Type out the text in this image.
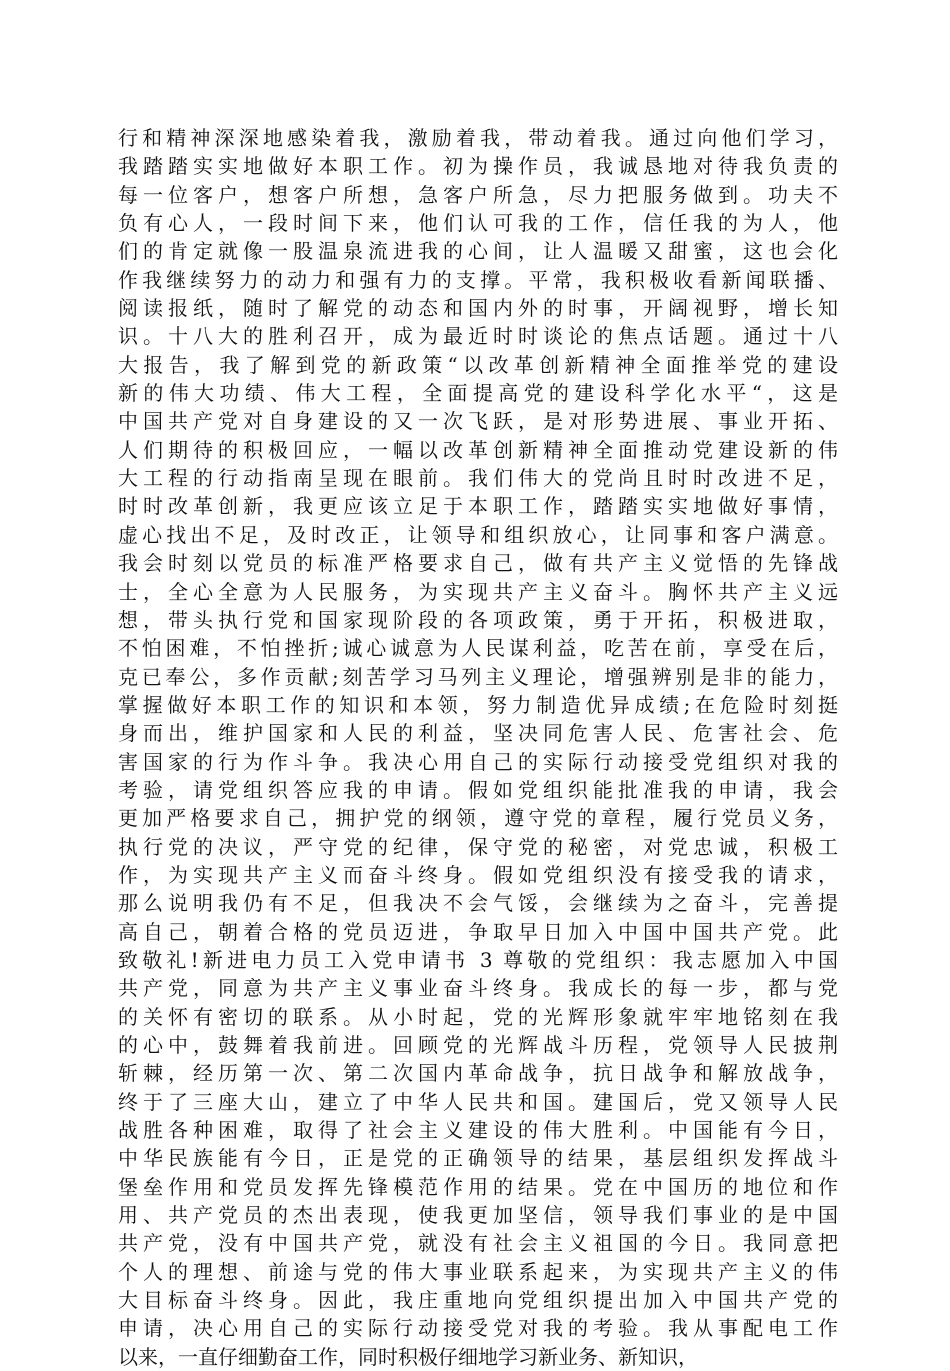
行和精神深深地感染着我，激励着我，带动着我。通过向他们学习，
我踏踏实实地做好本职工作。初为操作员，我诚恳地对待我负责的
每一位客户，想客户所想，急客户所急，尽力把服务做到。功夫不
负有心人，一段时间下来，他们认可我的工作，信任我的为人，他
们的肯定就像一股温泉流进我的心间，让人温暖又甜蜜，这也会化
作我继续努力的动力和强有力的支撑。平常，我积极收看新闻联播、
阅读报纸，随时了解党的动态和国内外的时事，开阔视野，增长知
识。十八大的胜利召开，成为最近时时谈论的焦点话题。通过十八
大报告，我了解到党的新政策“以改革创新精神全面推举党的建设
新的伟大功绩、伟大工程，全面提高党的建设科学化水平“，这是
中国共产党对自身建设的又一次飞跃，是对形势进展、事业开拓、
人们期待的积极回应，一幅以改革创新精神全面推动党建设新的伟
大工程的行动指南呈现在眼前。我们伟大的党尚且时时改进不足，
时时改革创新，我更应该立足于本职工作，踏踏实实地做好事情，
虚心找出不足，及时改正，让领导和组织放心，让同事和客户满意。
我会时刻以党员的标准严格要求自己，做有共产主义觉悟的先锋战
士，全心全意为人民服务，为实现共产主义奋斗。胸怀共产主义远
想，带头执行党和国家现阶段的各项政策，勇于开拓，积极进取，
不怕困难，不怕挫折;诚心诚意为人民谋利益，吃苦在前，享受在后，
克已奉公，多作贡献;刻苦学习马列主义理论，增强辨别是非的能力，
掌握做好本职工作的知识和本领，努力制造优异成绩;在危险时刻挺
身而出，维护国家和人民的利益，坚决同危害人民、危害社会、危
害国家的行为作斗争。我决心用自己的实际行动接受党组织对我的
考验，请党组织答应我的申请。假如党组织能批准我的申请，我会
更加严格要求自己，拥护党的纲领，遵守党的章程，履行党员义务，
执行党的决议，严守党的纪律，保守党的秘密，对党忠诚，积极工
作，为实现共产主义而奋斗终身。假如党组织没有接受我的请求，
那么说明我仍有不足，但我决不会气馁，会继续为之奋斗，完善提
高自己，朝着合格的党员迈进，争取早日加入中国中国共产党。此
致敬礼!新进电力员工入党申请书 3 尊敬的党组织：我志愿加入中国
共产党，同意为共产主义事业奋斗终身。我成长的每一步，都与党
的关怀有密切的联系。从小时起，党的光辉形象就牢牢地铭刻在我
的心中，鼓舞着我前进。回顾党的光辉战斗历程，党领导人民披荆
斩棘，经历第一次、第二次国内革命战争，抗日战争和解放战争，
终于了三座大山，建立了中华人民共和国。建国后，党又领导人民
战胜各种困难，取得了社会主义建设的伟大胜利。中国能有今日，
中华民族能有今日，正是党的正确领导的结果，基层组织发挥战斗
堡垒作用和党员发挥先锋模范作用的结果。党在中国历的地位和作
用、共产党员的杰出表现，使我更加坚信，领导我们事业的是中国
共产党，没有中国共产党，就没有社会主义祖国的今日。我同意把
个人的理想、前途与党的伟大事业联系起来，为实现共产主义的伟
大目标奋斗终身。因此，我庄重地向党组织提出加入中国共产党的
申请，决心用自己的实际行动接受党对我的考验。我从事配电工作
以来，一直仔细勤奋工作，同时积极仔细地学习新业务、新知识，
